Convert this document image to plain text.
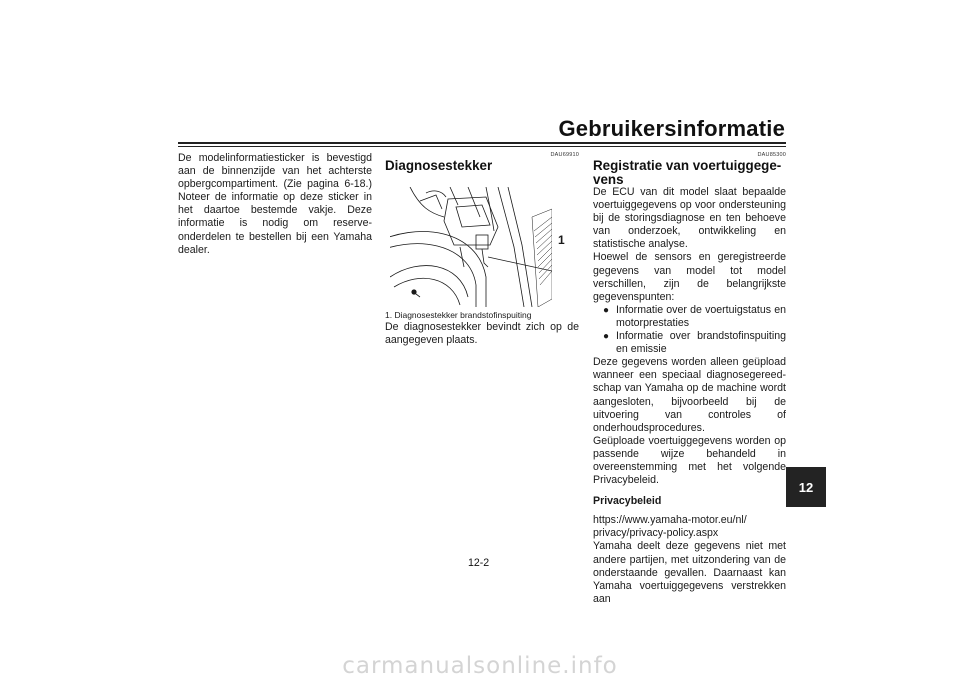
Gebruikersinformatie

De modelinformatiesticker is bevestigd aan de binnenzijde van het achterste opbergcompartiment. (Zie pagina 6-18.) Noteer de informatie op deze sticker in het daartoe bestemde vakje. Deze informatie is nodig om reserve-onderdelen te bestellen bij een Yamaha dealer.

DAU69910
Diagnosestekker
1
1. Diagnosestekker brandstofinspuiting

De diagnosestekker bevindt zich op de aangegeven plaats.

DAU85300
Registratie van voertuiggege-
vens

De ECU van dit model slaat bepaalde voertuiggegevens op voor ondersteuning bij de storingsdiagnose en ten behoeve van onderzoek, ontwikkeling en statistische analyse.

Hoewel de sensors en geregistreerde gegevens van model tot model verschillen, zijn de belangrijkste gegevenspunten:

● Informatie over de voertuigstatus en motorprestaties
● Informatie over brandstofinspuiting en emissie

Deze gegevens worden alleen geüpload wanneer een speciaal diagnosegereedschap van Yamaha op de machine wordt aangesloten, bijvoorbeeld bij de uitvoering van controles of onderhoudsprocedures.

Geüploade voertuiggegevens worden op passende wijze behandeld in overeenstemming met het volgende Privacybeleid.

Privacybeleid
https://www.yamaha-motor.eu/nl/
privacy/privacy-policy.aspx

Yamaha deelt deze gegevens niet met andere partijen, met uitzondering van de onderstaande gevallen. Daarnaast kan Yamaha voertuiggegevens verstrekken aan

12-2
12
carmanualsonline.info
